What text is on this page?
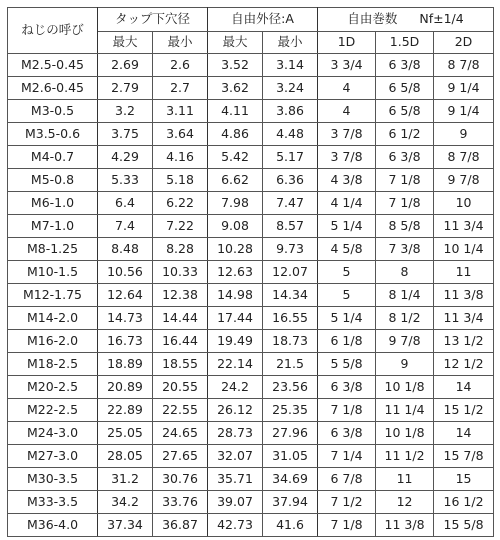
ねじの呼び	タップ下穴径		自由外径:A		自由巻数 Nf±1/4		
	最大	最小	最大	最小	1D	1.5D	2D
M2.5-0.45	2.69	2.6	3.52	3.14	3 3/4	6 3/8	8 7/8
M2.6-0.45	2.79	2.7	3.62	3.24	4	6 5/8	9 1/4
M3-0.5	3.2	3.11	4.11	3.86	4	6 5/8	9 1/4
M3.5-0.6	3.75	3.64	4.86	4.48	3 7/8	6 1/2	9
M4-0.7	4.29	4.16	5.42	5.17	3 7/8	6 3/8	8 7/8
M5-0.8	5.33	5.18	6.62	6.36	4 3/8	7 1/8	9 7/8
M6-1.0	6.4	6.22	7.98	7.47	4 1/4	7 1/8	10
M7-1.0	7.4	7.22	9.08	8.57	5 1/4	8 5/8	11 3/4
M8-1.25	8.48	8.28	10.28	9.73	4 5/8	7 3/8	10 1/4
M10-1.5	10.56	10.33	12.63	12.07	5	8	11
M12-1.75	12.64	12.38	14.98	14.34	5	8 1/4	11 3/8
M14-2.0	14.73	14.44	17.44	16.55	5 1/4	8 1/2	11 3/4
M16-2.0	16.73	16.44	19.49	18.73	6 1/8	9 7/8	13 1/2
M18-2.5	18.89	18.55	22.14	21.5	5 5/8	9	12 1/2
M20-2.5	20.89	20.55	24.2	23.56	6 3/8	10 1/8	14
M22-2.5	22.89	22.55	26.12	25.35	7 1/8	11 1/4	15 1/2
M24-3.0	25.05	24.65	28.73	27.96	6 3/8	10 1/8	14
M27-3.0	28.05	27.65	32.07	31.05	7 1/4	11 1/2	15 7/8
M30-3.5	31.2	30.76	35.71	34.69	6 7/8	11	15
M33-3.5	34.2	33.76	39.07	37.94	7 1/2	12	16 1/2
M36-4.0	37.34	36.87	42.73	41.6	7 1/8	11 3/8	15 5/8
